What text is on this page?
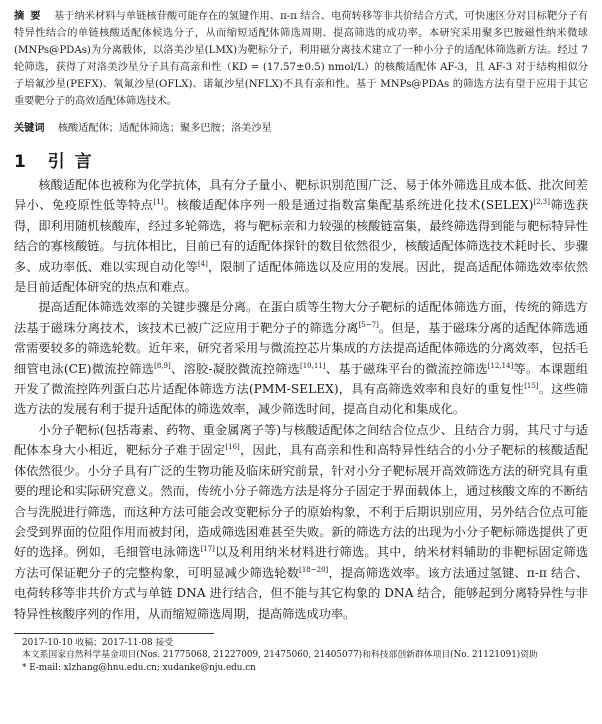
摘要 基于纳米材料与单链核苷酸可能存在的氢键作用、π-π 结合、电荷转移等非共价结合方式，可快速区分对目标靶分子有特异性结合的单链核酸适配体候选分子，从而缩短适配体筛选周期、提高筛选的成功率。本研究采用聚多巴胺磁性纳米微球(MNPs@PDAs)为分离载体，以洛美沙星(LMX)为靶标分子，利用磁分离技术建立了一种小分子的适配体筛选新方法。经过 7 轮筛选，获得了对洛美沙星分子具有高亲和性（KD = (17.57±0.5) nmol/L）的核酸适配体 AF-3，且 AF-3 对于结构相似分子培氟沙星(PEFX)、氧氟沙星(OFLX)、诺氟沙星(NFLX)不具有亲和性。基于 MNPs@PDAs 的筛选方法有望于应用于其它重要靶分子的高效适配体筛选技术。

关键词 核酸适配体；适配体筛选；聚多巴胺；洛美沙星
1 引 言

核酸适配体也被称为化学抗体，具有分子量小、靶标识别范围广泛、易于体外筛选且成本低、批次间差异小、免疫原性低等特点[1]。核酸适配体序列一般是通过指数富集配基系统进化技术(SELEX)[2,3]筛选获得，即利用随机核酸库，经过多轮筛选，将与靶标亲和力较强的核酸链富集，最终筛选得到能与靶标特异性结合的寡核酸链。与抗体相比，目前已有的适配体探针的数目依然很少，核酸适配体筛选技术耗时长、步骤多、成功率低、难以实现自动化等[4]，限制了适配体筛选以及应用的发展。因此，提高适配体筛选效率依然是目前适配体研究的热点和难点。

提高适配体筛选效率的关键步骤是分离。在蛋白质等生物大分子靶标的适配体筛选方面，传统的筛选方法基于磁珠分离技术，该技术已被广泛应用于靶分子的筛选分离[5~7]。但是，基于磁珠分离的适配体筛选通常需要较多的筛选轮数。近年来，研究者采用与微流控芯片集成的方法提高适配体筛选的分离效率，包括毛细管电泳(CE)微流控筛选[8,9]、溶胶-凝胶微流控筛选[10,11]、基于磁珠平台的微流控筛选[12,14]等。本课题组开发了微流控阵列蛋白芯片适配体筛选方法(PMM-SELEX)，具有高筛选效率和良好的重复性[15]。这些筛选方法的发展有利于提升适配体的筛选效率，减少筛选时间，提高自动化和集成化。

小分子靶标(包括毒素、药物、重金属离子等)与核酸适配体之间结合位点少、且结合力弱，其尺寸与适配体本身大小相近，靶标分子难于固定[16]，因此，具有高亲和性和高特异性结合的小分子靶标的核酸适配体依然很少。小分子具有广泛的生物功能及临床研究前景，针对小分子靶标展开高效筛选方法的研究具有重要的理论和实际研究意义。然而，传统小分子筛选方法是将分子固定于界面载体上，通过核酸文库的不断结合与洗脱进行筛选，而这种方法可能会改变靶标分子的原始构象，不利于后期识别应用，另外结合位点可能会受到界面的位阻作用而被封闭，造成筛选困难甚至失败。新的筛选方法的出现为小分子靶标筛选提供了更好的选择。例如，毛细管电泳筛选[17]以及利用纳米材料进行筛选。其中，纳米材料辅助的非靶标固定筛选方法可保证靶分子的完整构象，可明显减少筛选轮数[18~20]，提高筛选效率。该方法通过氢键、π-π 结合、电荷转移等非共价方式与单链 DNA 进行结合，但不能与其它构象的 DNA 结合，能够起到分离特异性与非特异性核酸序列的作用，从而缩短筛选周期，提高筛选成功率。

2017-10-10 收稿；2017-11-08 接受
本文系国家自然科学基金项目(Nos. 21775068, 21227009, 21475060, 21405077)和科技部创新群体项目(No. 21121091)资助
* E-mail: xlzhang@hnu.edu.cn; xudanke@nju.edu.cn
